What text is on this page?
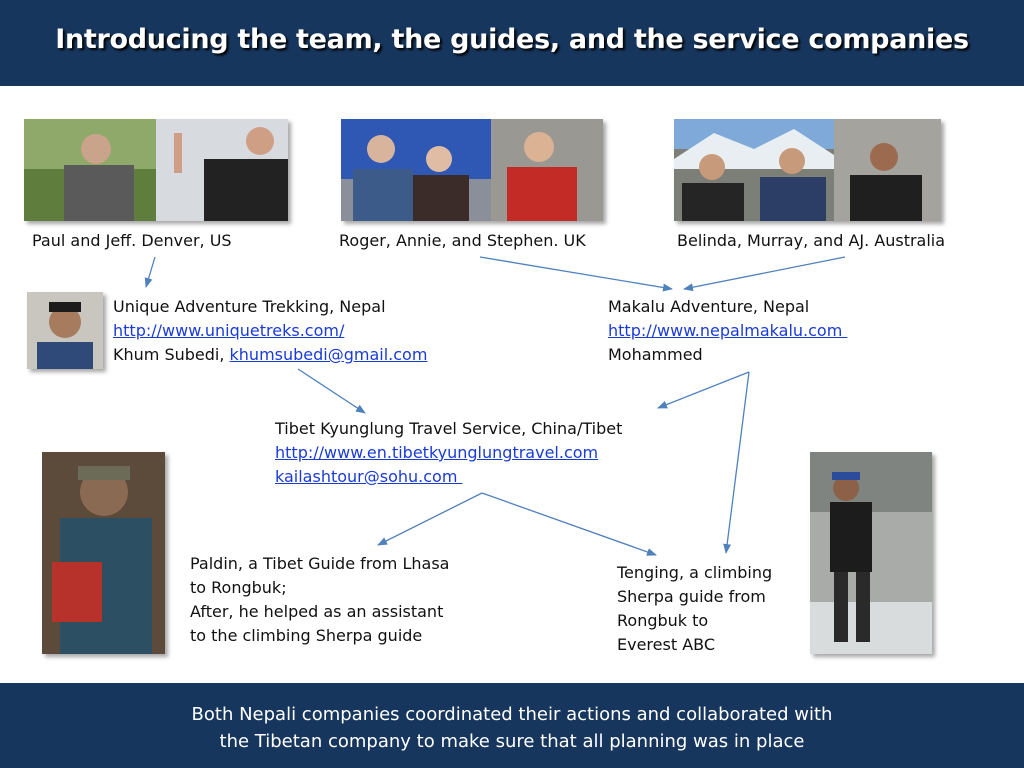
Introducing the team, the guides, and the service companies
Paul and Jeff. Denver, US	Roger, Annie, and Stephen. UK	Belinda, Murray, and AJ. Australia
Unique Adventure Trekking, Nepal
http://www.uniquetreks.com/
Khum Subedi, khumsubedi@gmail.com
Makalu Adventure, Nepal
http://www.nepalmakalu.com
Mohammed
Tibet Kyunglung Travel Service, China/Tibet
http://www.en.tibetkyunglungtravel.com
kailashtour@sohu.com
Paldin, a Tibet Guide from Lhasa
to Rongbuk;
After, he helped as an assistant
to the climbing Sherpa guide
Tenging, a climbing
Sherpa guide from
Rongbuk to
Everest ABC
Both Nepali companies coordinated their actions and collaborated with
the Tibetan company to make sure that all planning was in place
